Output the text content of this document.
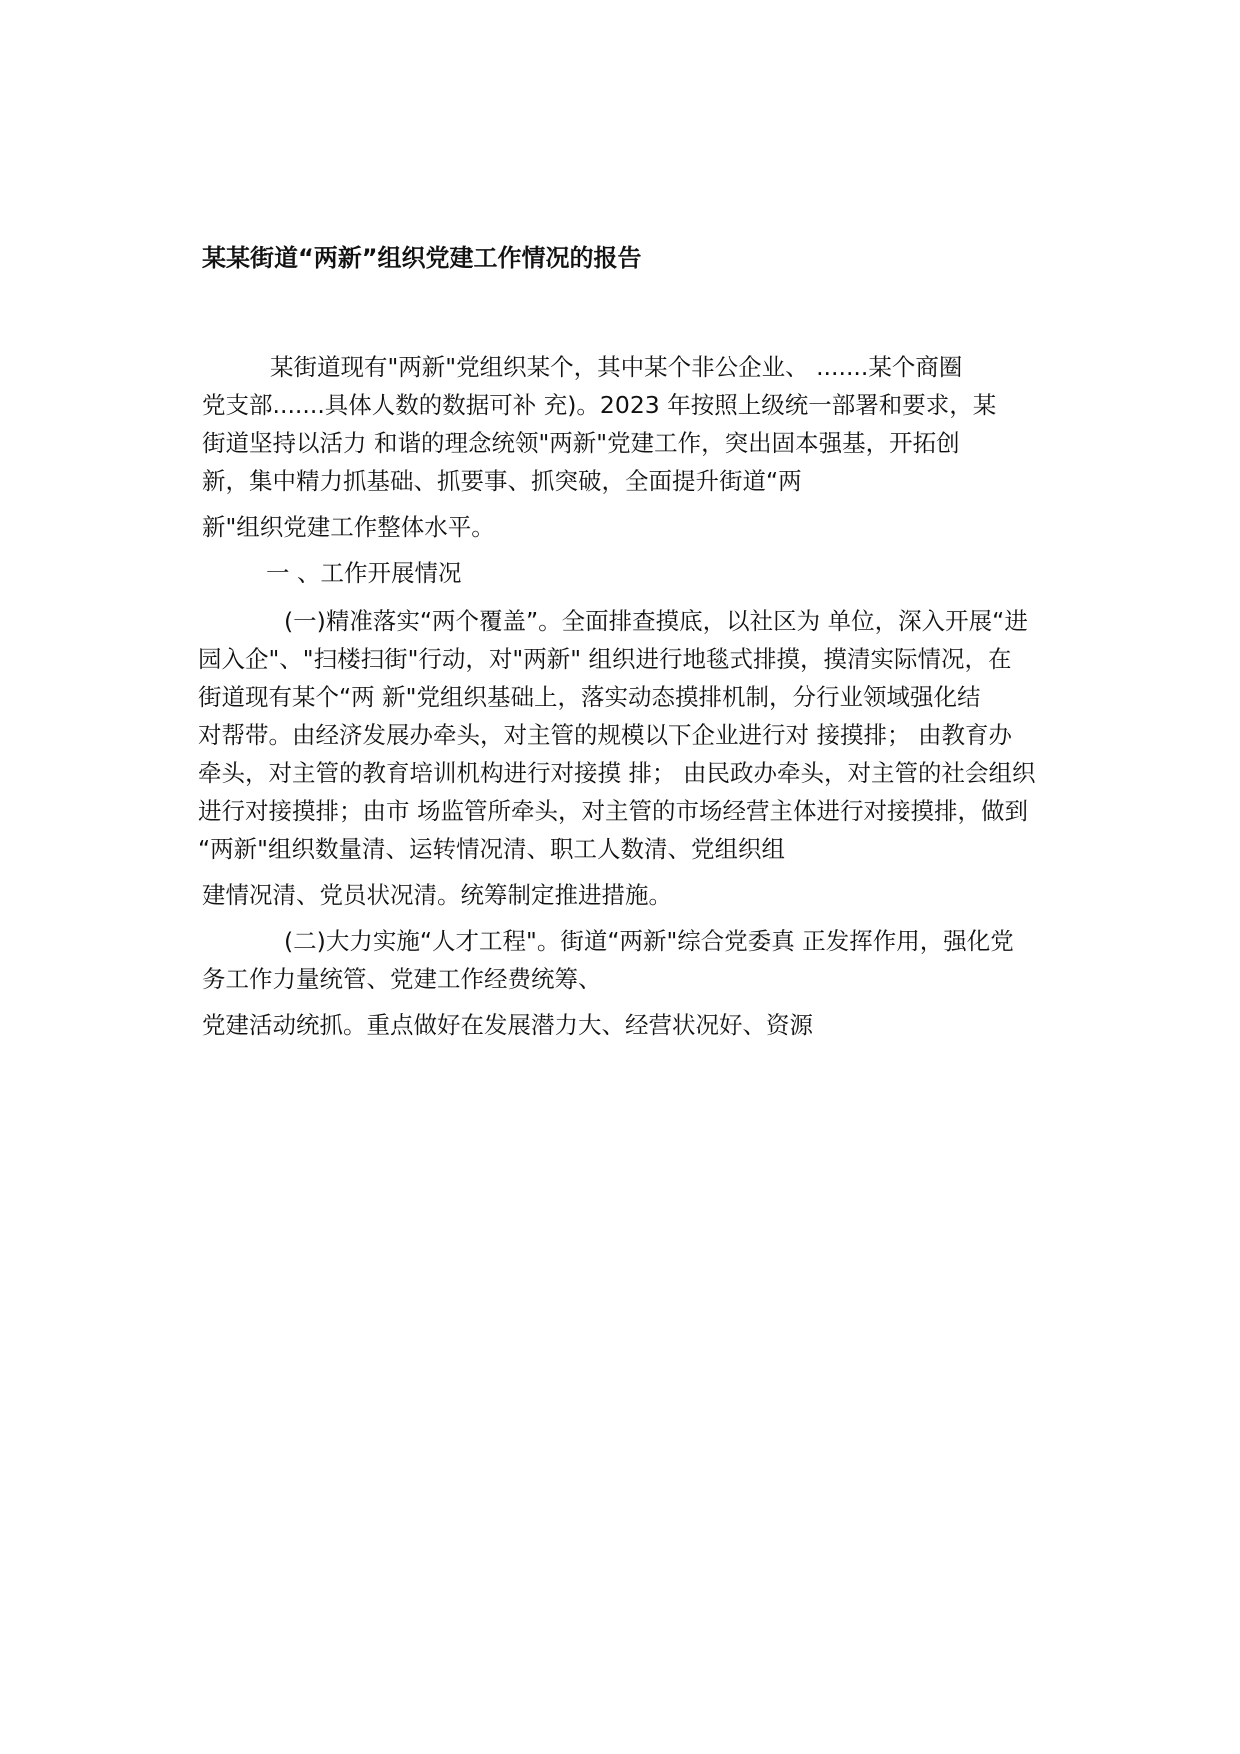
某某街道“两新”组织党建工作情况的报告
某街道现有"两新"党组织某个，其中某个非公企业、 .......某个商圈
党支部.......具体人数的数据可补 充)。2023 年按照上级统一部署和要求，某
街道坚持以活力 和谐的理念统领"两新"党建工作，突出固本强基，开拓创
新，集中精力抓基础、抓要事、抓突破，全面提升街道“两
新"组织党建工作整体水平。
一 、工作开展情况
(一)精准落实“两个覆盖”。全面排查摸底，以社区为 单位，深入开展“进
园入企"、"扫楼扫街"行动，对"两新" 组织进行地毯式排摸，摸清实际情况，在
街道现有某个“两 新"党组织基础上，落实动态摸排机制，分行业领域强化结
对帮带。由经济发展办牵头，对主管的规模以下企业进行对 接摸排； 由教育办
牵头，对主管的教育培训机构进行对接摸 排； 由民政办牵头，对主管的社会组织
进行对接摸排；由市 场监管所牵头，对主管的市场经营主体进行对接摸排，做到
“两新"组织数量清、运转情况清、职工人数清、党组织组
建情况清、党员状况清。统筹制定推进措施。
(二)大力实施“人才工程"。街道“两新"综合党委真 正发挥作用，强化党
务工作力量统管、党建工作经费统筹、
党建活动统抓。重点做好在发展潜力大、经营状况好、资源
